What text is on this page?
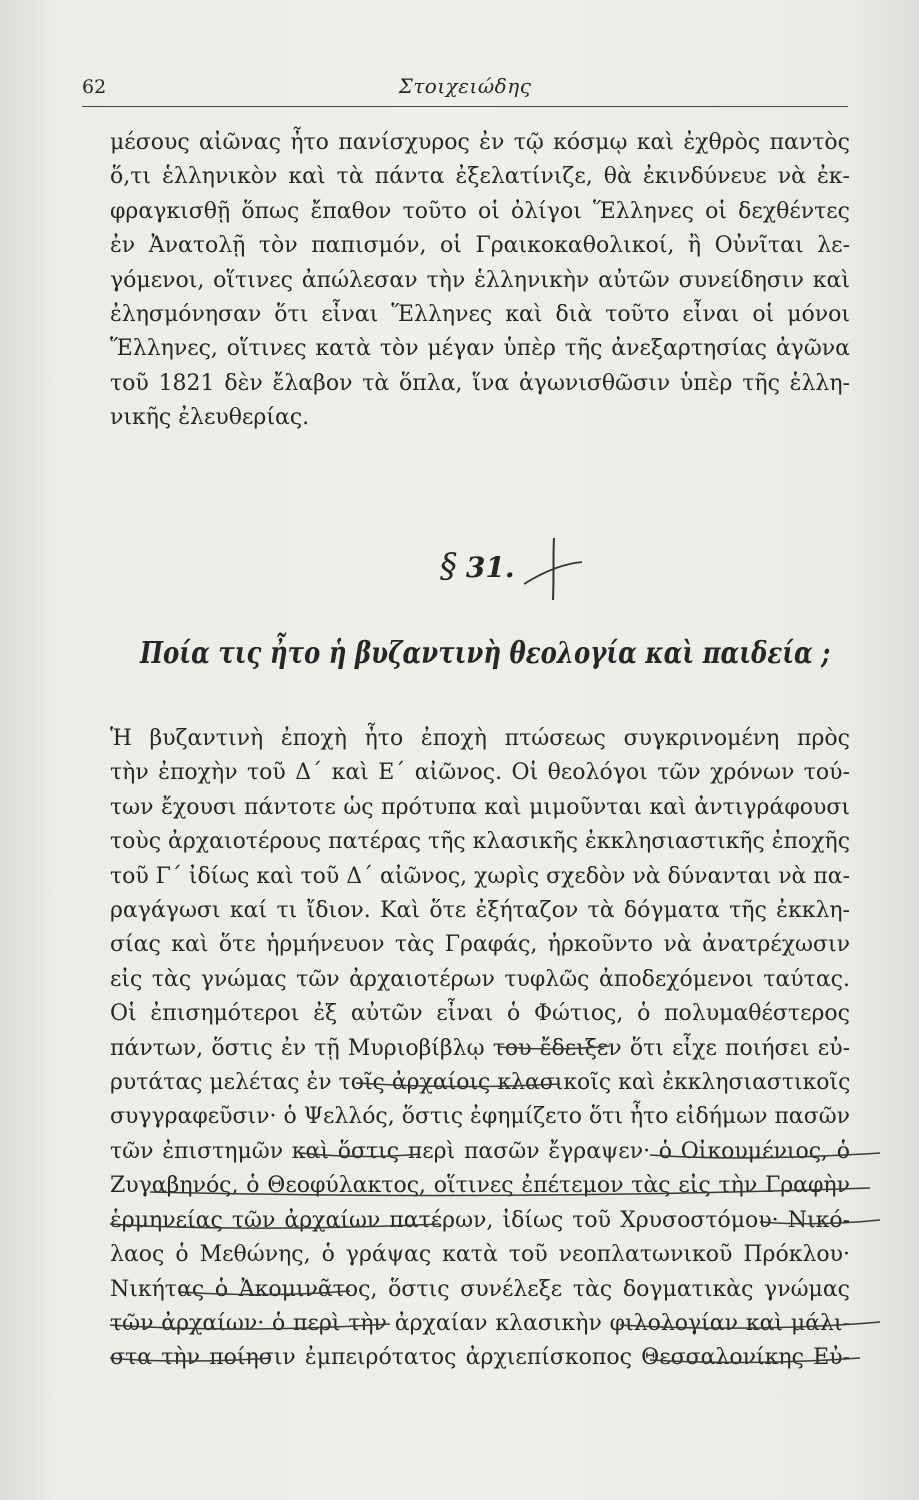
62	Στοιχειώδης
μέσους αἰῶνας ἦτο πανίσχυρος ἐν τῷ κόσμῳ καὶ ἐχθρὸς παντὸς
ὅ,τι ἑλληνικὸν καὶ τὰ πάντα ἐξελατίνιζε, θὰ ἐκινδύνευε νὰ ἐκ-
φραγκισθῇ ὅπως ἔπαθον τοῦτο οἱ ὀλίγοι Ἕλληνες οἱ δεχθέντες
ἐν Ἀνατολῇ τὸν παπισμόν, οἱ Γραικοκαθολικοί, ἢ Οὐνῖται λε-
γόμενοι, οἵτινες ἀπώλεσαν τὴν ἑλληνικὴν αὐτῶν συνείδησιν καὶ
ἐλησμόνησαν ὅτι εἶναι Ἕλληνες καὶ διὰ τοῦτο εἶναι οἱ μόνοι
Ἕλληνες, οἵτινες κατὰ τὸν μέγαν ὑπὲρ τῆς ἀνεξαρτησίας ἀγῶνα
τοῦ 1821 δὲν ἔλαβον τὰ ὅπλα, ἵνα ἀγωνισθῶσιν ὑπὲρ τῆς ἑλλη-
νικῆς ἐλευθερίας.
§ 31.
Ποία τις ἦτο ἡ βυζαντινὴ θεολογία καὶ παιδεία ;
Ἡ βυζαντινὴ ἐποχὴ ἦτο ἐποχὴ πτώσεως συγκρινομένη πρὸς
τὴν ἐποχὴν τοῦ Δ΄ καὶ Ε΄ αἰῶνος. Οἱ θεολόγοι τῶν χρόνων τού-
των ἔχουσι πάντοτε ὡς πρότυπα καὶ μιμοῦνται καὶ ἀντιγράφουσι
τοὺς ἀρχαιοτέρους πατέρας τῆς κλασικῆς ἐκκλησιαστικῆς ἐποχῆς
τοῦ Γ΄ ἰδίως καὶ τοῦ Δ΄ αἰῶνος, χωρὶς σχεδὸν νὰ δύνανται νὰ πα-
ραγάγωσι καί τι ἴδιον. Καὶ ὅτε ἐξήταζον τὰ δόγματα τῆς ἐκκλη-
σίας καὶ ὅτε ἡρμήνευον τὰς Γραφάς, ἠρκοῦντο νὰ ἀνατρέχωσιν
εἰς τὰς γνώμας τῶν ἀρχαιοτέρων τυφλῶς ἀποδεχόμενοι ταύτας.
Οἱ ἐπισημότεροι ἐξ αὐτῶν εἶναι ὁ Φώτιος, ὁ πολυμαθέστερος
πάντων, ὅστις ἐν τῇ Μυριοβίβλῳ του ἔδειξεν ὅτι εἶχε ποιήσει εὐ-
ρυτάτας μελέτας ἐν τοῖς ἀρχαίοις κλασικοῖς καὶ ἐκκλησιαστικοῖς
συγγραφεῦσιν· ὁ Ψελλός, ὅστις ἐφημίζετο ὅτι ἦτο εἰδήμων πασῶν
τῶν ἐπιστημῶν καὶ ὅστις περὶ πασῶν ἔγραψεν· ὁ Οἰκουμένιος, ὁ
Ζυγαβηνός, ὁ Θεοφύλακτος, οἵτινες ἐπέτεμον τὰς εἰς τὴν Γραφὴν
ἑρμηνείας τῶν ἀρχαίων πατέρων, ἰδίως τοῦ Χρυσοστόμου· Νικό-
λαος ὁ Μεθώνης, ὁ γράψας κατὰ τοῦ νεοπλατωνικοῦ Πρόκλου·
Νικήτας ὁ Ἀκομινᾶτος, ὅστις συνέλεξε τὰς δογματικὰς γνώμας
τῶν ἀρχαίων· ὁ περὶ τὴν ἀρχαίαν κλασικὴν φιλολογίαν καὶ μάλι-
στα τὴν ποίησιν ἐμπειρότατος ἀρχιεπίσκοπος Θεσσαλονίκης Εὐ-
